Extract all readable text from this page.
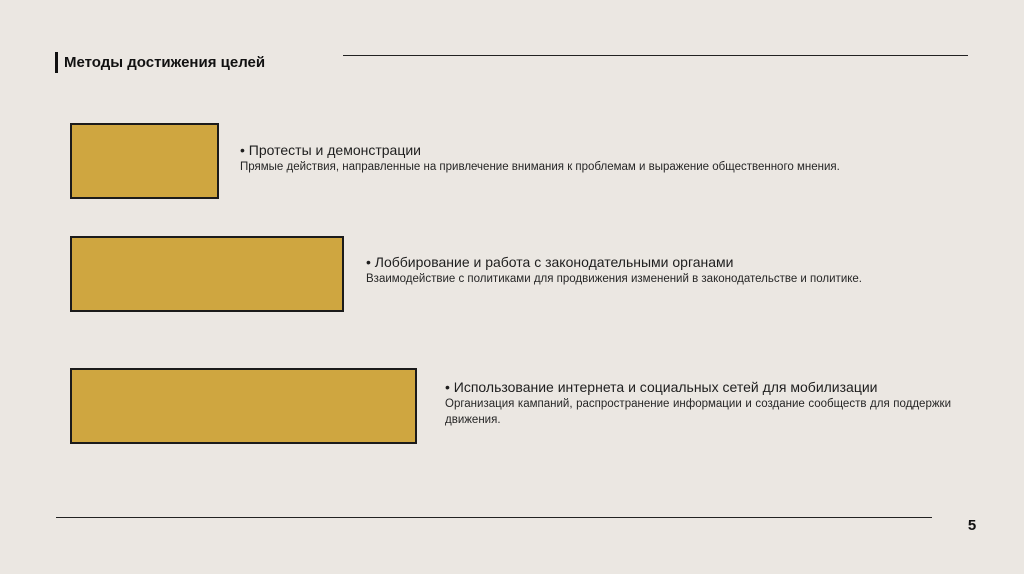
Методы достижения целей
• Протесты и демонстрации
Прямые действия, направленные на привлечение внимания к проблемам и выражение общественного мнения.
• Лоббирование и работа с законодательными органами
Взаимодействие с политиками для продвижения изменений в законодательстве и политике.
• Использование интернета и социальных сетей для мобилизации
Организация кампаний, распространение информации и создание сообществ для поддержки движения.
5
